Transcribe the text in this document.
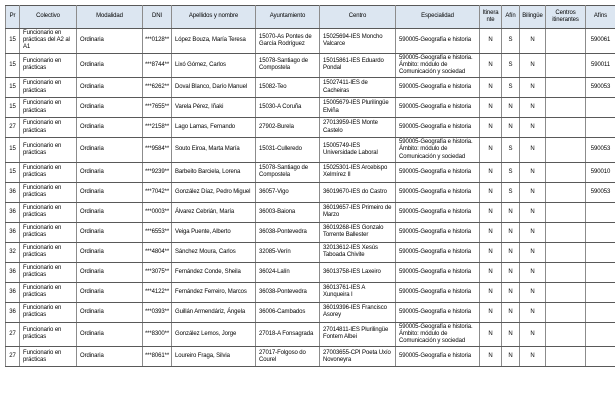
Pr	Colectivo	Modalidad	DNI	Apellidos y nombre	Ayuntamiento	Centro	Especialidad	Itinerante	Afín	Bilingüe	Centros itinerantes	Afíns
15	Funcionario en prácticas del A2 al A1	Ordinaria	***0128**	López Bouza, María Teresa	15070-As Pontes de García Rodríguez	15025694-IES Moncho Valcarce	590005-Geografía e historia	N	S	N		590061
15	Funcionario en prácticas	Ordinaria	***8744**	Lixó Gómez, Carlos	15078-Santiago de Compostela	15015861-IES Eduardo Pondal	590005-Geografía e historia. Ámbito: módulo de Comunicación y sociedad	N	S	N		590011
15	Funcionario en prácticas	Ordinaria	***6262**	Doval Blanco, Darío Manuel	15082-Teo	15027411-IES de Cacheiras	590005-Geografía e historia	N	S	N		590053
15	Funcionario en prácticas	Ordinaria	***7655**	Varela Pérez, Iñaki	15030-A Coruña	15005679-IES Plurilingüe Elviña	590005-Geografía e historia	N	N	N		
27	Funcionario en prácticas	Ordinaria	***2158**	Lago Lamas, Fernando	27902-Burela	27013959-IES Monte Castelo	590005-Geografía e historia	N	N	N		
15	Funcionario en prácticas	Ordinaria	***9584**	Souto Eiroa, Marta María	15031-Culleredo	15005749-IES Universidade Laboral	590005-Geografía e historia. Ámbito: módulo de Comunicación y sociedad	N	S	N		590053
15	Funcionario en prácticas	Ordinaria	***9239**	Barbeito Barciela, Lorena	15078-Santiago de Compostela	15025301-IES Arcebispo Xelmírez II	590005-Geografía e historia	N	S	N		590010
36	Funcionario en prácticas	Ordinaria	***7042**	González Díaz, Pedro Miguel	36057-Vigo	36019670-IES do Castro	590005-Geografía e historia	N	S	N		590053
36	Funcionario en prácticas	Ordinaria	***0003**	Álvarez Cebrián, María	36003-Baiona	36019657-IES Primeiro de Marzo	590005-Geografía e historia	N	N	N		
36	Funcionario en prácticas	Ordinaria	***6553**	Veiga Puente, Alberto	36038-Pontevedra	36019268-IES Gonzalo Torrente Ballester	590005-Geografía e historia	N	N	N		
32	Funcionario en prácticas	Ordinaria	***4804**	Sánchez Moura, Carlos	32085-Verín	32013612-IES Xesús Taboada Chivite	590005-Geografía e historia	N	N	N		
36	Funcionario en prácticas	Ordinaria	***3075**	Fernández Conde, Sheila	36024-Lalín	36013758-IES Laxeiro	590005-Geografía e historia	N	N	N		
36	Funcionario en prácticas	Ordinaria	***4122**	Fernández Ferreiro, Marcos	36038-Pontevedra	36013761-IES A Xunqueira I	590005-Geografía e historia	N	N	N		
36	Funcionario en prácticas	Ordinaria	***0393**	Guillán Armendáriz, Ángela	36006-Cambados	36019396-IES Francisco Asorey	590005-Geografía e historia	N	N	N		
27	Funcionario en prácticas	Ordinaria	***8300**	González Lemos, Jorge	27018-A Fonsagrada	27014811-IES Plurilingüe Fontem Albei	590005-Geografía e historia. Ámbito: módulo de Comunicación y sociedad	N	N	N		
27	Funcionario en prácticas	Ordinaria	***8061**	Loureiro Fraga, Silvia	27017-Folgoso do Courel	27003655-CPI Poeta Uxío Novoneyra	590005-Geografía e historia	N	N	N		
